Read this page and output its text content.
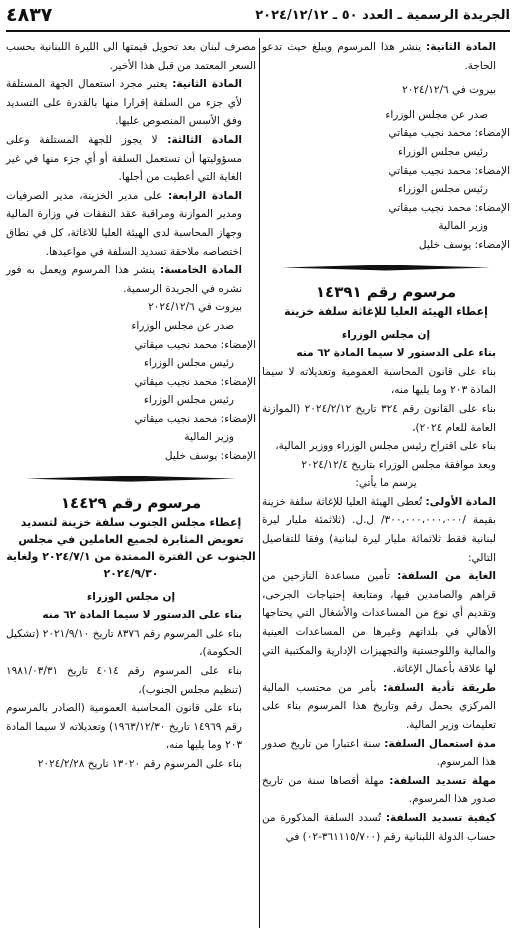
الجريدة الرسمية ـ العدد ٥٠ ـ ٢٠٢٤/١٢/١٢
٤٨٣٧

المادة الثانية: ينشر هذا المرسوم ويبلغ حيث تدعو الحاجة.

بيروت في ٢٠٢٤/١٢/٦

صدر عن مجلس الوزراء

الإمضاء: محمد نجيب ميقاتي

رئيس مجلس الوزراء

الإمضاء: محمد نجيب ميقاتي

رئيس مجلس الوزراء

الإمضاء: محمد نجيب ميقاتي

وزير المالية

الإمضاء: يوسف خليل

مرسوم رقم ١٤٣٩١

إعطاء الهيئة العليا للإغاثة سلفة خزينة

إن مجلس الوزراء

بناء على الدستور لا سيما المادة ٦٢ منه

بناء على قانون المحاسبة العمومية وتعديلاته لا سيما المادة ٢٠٣ وما يليها منه،

بناء على القانون رقم ٣٢٤ تاريخ ٢٠٢٤/٢/١٢ (الموازنة العامة للعام ٢٠٢٤)،

بناء على اقتراح رئيس مجلس الوزراء ووزير المالية،

وبعد موافقة مجلس الوزراء بتاريخ ٢٠٢٤/١٢/٤

يرسم ما يأتي:

المادة الأولى: تُعطى الهيئة العليا للإغاثة سلفة خزينة بقيمة /٣٠٠،٠٠٠،٠٠٠،٠٠٠/ ل.ل. (ثلاثمئة مليار ليرة لبنانية فقط ثلاثمائة مليار ليرة لبنانية) وفقا للتفاصيل التالي:

الغاية من السلفة: تأمين مساعدة النازحين من قراهم والصامدين فيها، ومتابعة إحتياجات الجرحى، وتقديم أي نوع من المساعدات والأشغال التي يحتاجها الأهالي في بلداتهم وغيرها من المساعدات العينية والمالية واللوجستية والتجهيزات الإدارية والمكتبية التي لها علاقة بأعمال الإغاثة.

طريقة تأدية السلفة: بأمر من محتسب المالية المركزي يحمل رقم وتاريخ هذا المرسوم بناء على تعليمات وزير المالية.

مدة استعمال السلفة: سنة اعتبارا من تاريخ صدور هذا المرسوم.

مهلة تسديد السلفة: مهلة أقصاها سنة من تاريخ صدور هذا المرسوم.

كيفية تسديد السلفة: تُسدد السلفة المذكورة من حساب الدولة اللبنانية رقم (٣٦١١١٥/٧٠٠-٠٢) في

مصرف لبنان بعد تحويل قيمتها الى الليرة اللبنانية بحسب السعر المعتمد من قبل هذا الأخير.

المادة الثانية: يعتبر مجرد استعمال الجهة المستلفة لأي جزء من السلفة إقرارا منها بالقدرة على التسديد وفق الأسس المنصوص عليها.

المادة الثالثة: لا يجوز للجهة المستلفة وعلى مسؤوليتها أن تستعمل السلفة أو أي جزء منها في غير الغاية التي أعطيت من أجلها.

المادة الرابعة: على مدير الخزينة، مدير الصرفيات ومدير الموازنة ومراقبة عقد النفقات في وزارة المالية وجهاز المحاسبة لدى الهيئة العليا للاغاثة، كل في نطاق اختصاصه ملاحقة تسديد السلفة في مواعيدها.

المادة الخامسة: ينشر هذا المرسوم ويعمل به فور نشره في الجريدة الرسمية.

بيروت في ٢٠٢٤/١٢/٦

صدر عن مجلس الوزراء

الإمضاء: محمد نجيب ميقاتي

رئيس مجلس الوزراء

الإمضاء: محمد نجيب ميقاتي

رئيس مجلس الوزراء

الإمضاء: محمد نجيب ميقاتي

وزير المالية

الإمضاء: يوسف خليل

مرسوم رقم ١٤٤٢٩

إعطاء مجلس الجنوب سلفة خزينة لتسديد تعويض المثابرة لجميع العاملين في مجلس الجنوب عن الفترة الممتدة من ٢٠٢٤/٧/١ ولغاية ٢٠٢٤/٩/٣٠

إن مجلس الوزراء

بناء على الدستور لا سيما المادة ٦٢ منه

بناء على المرسوم رقم ٨٣٧٦ تاريخ ٢٠٢١/٩/١٠ (تشكيل الحكومة)،

بناء على المرسوم رقم ٤٠١٤ تاريخ ١٩٨١/٠٣/٣١ (تنظيم مجلس الجنوب)،

بناء على قانون المحاسبة العمومية (الصادر بالمرسوم رقم ١٤٩٦٩ تاريخ ١٩٦٣/١٢/٣٠) وتعديلاته لا سيما المادة ٢٠٣ وما يليها منه،

بناء على المرسوم رقم ١٣٠٢٠ تاريخ ٢٠٢٤/٢/٢٨
